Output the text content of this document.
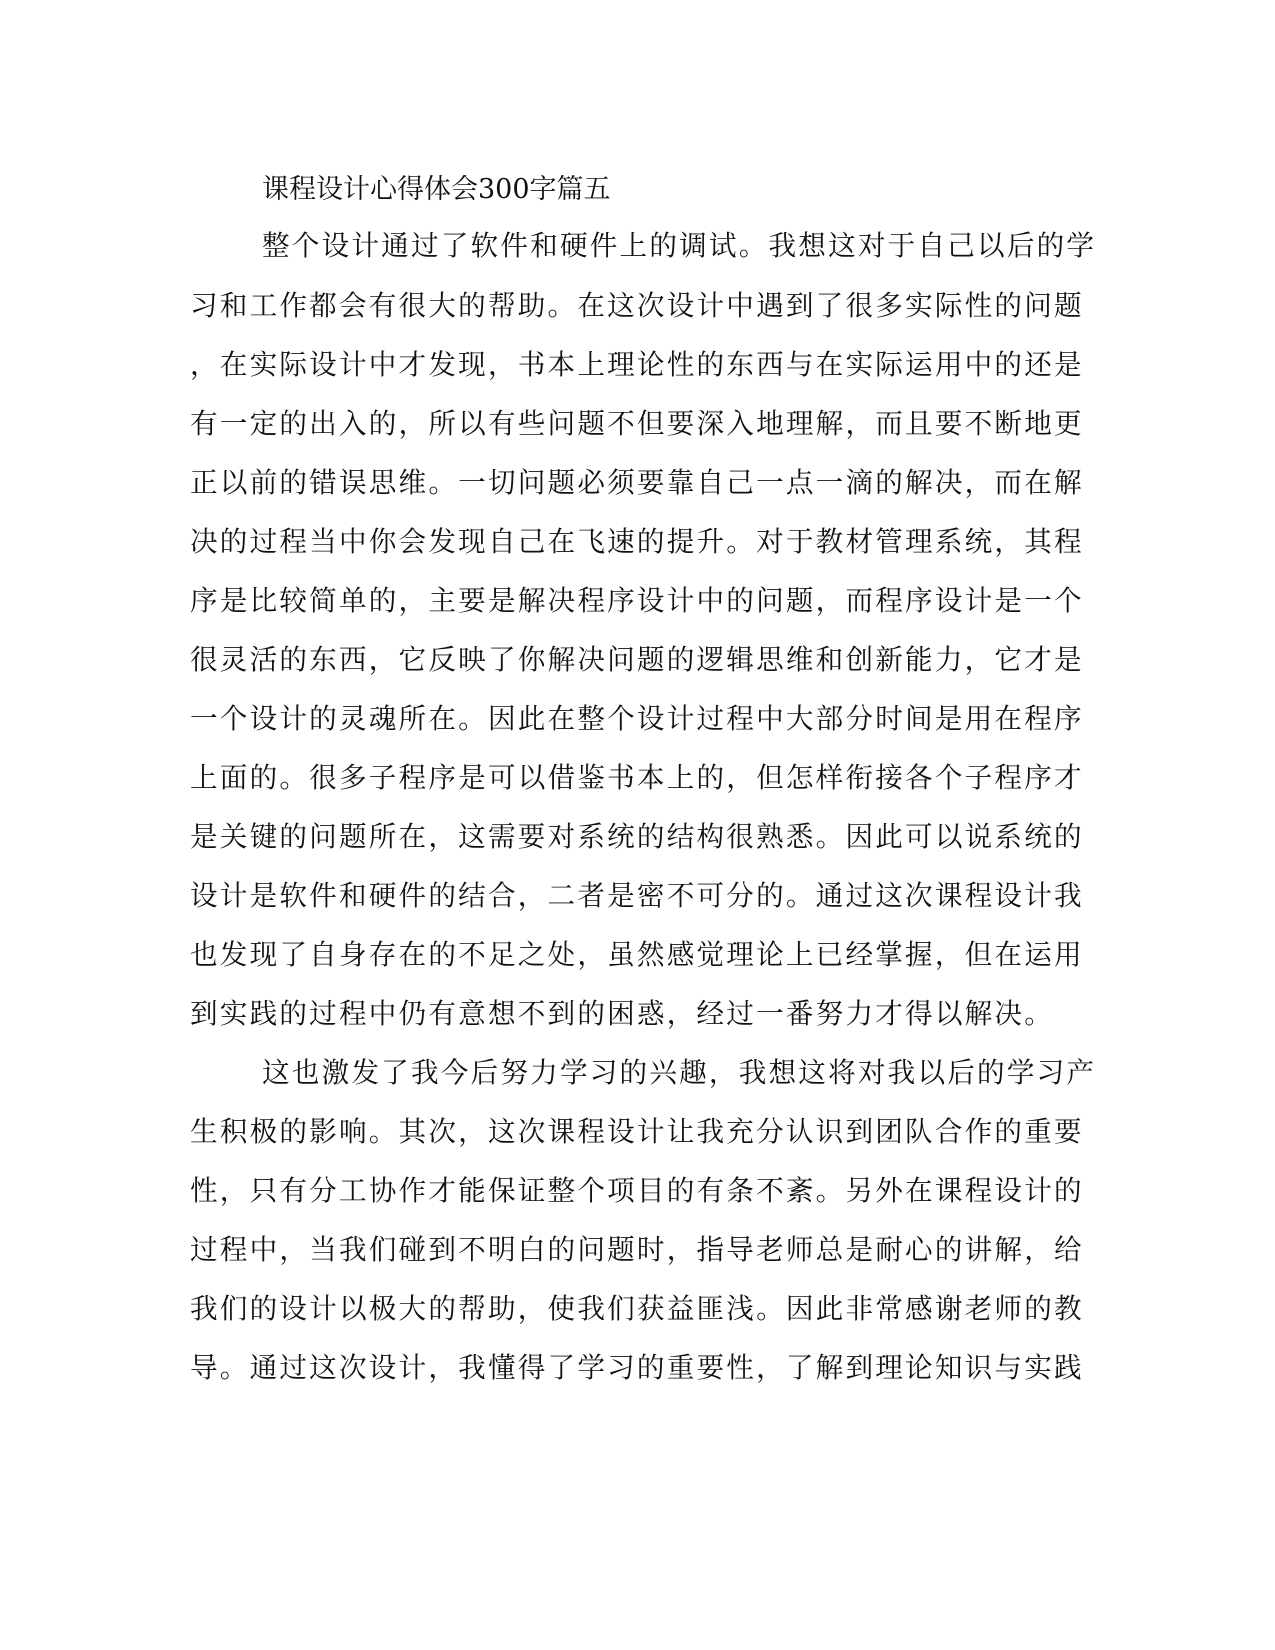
课程设计心得体会300字篇五

整个设计通过了软件和硬件上的调试。我想这对于自己以后的学

习和工作都会有很大的帮助。在这次设计中遇到了很多实际性的问题

，在实际设计中才发现，书本上理论性的东西与在实际运用中的还是

有一定的出入的，所以有些问题不但要深入地理解，而且要不断地更

正以前的错误思维。一切问题必须要靠自己一点一滴的解决，而在解

决的过程当中你会发现自己在飞速的提升。对于教材管理系统，其程

序是比较简单的，主要是解决程序设计中的问题，而程序设计是一个

很灵活的东西，它反映了你解决问题的逻辑思维和创新能力，它才是

一个设计的灵魂所在。因此在整个设计过程中大部分时间是用在程序

上面的。很多子程序是可以借鉴书本上的，但怎样衔接各个子程序才

是关键的问题所在，这需要对系统的结构很熟悉。因此可以说系统的

设计是软件和硬件的结合，二者是密不可分的。通过这次课程设计我

也发现了自身存在的不足之处，虽然感觉理论上已经掌握，但在运用

到实践的过程中仍有意想不到的困惑，经过一番努力才得以解决。

这也激发了我今后努力学习的兴趣，我想这将对我以后的学习产

生积极的影响。其次，这次课程设计让我充分认识到团队合作的重要

性，只有分工协作才能保证整个项目的有条不紊。另外在课程设计的

过程中，当我们碰到不明白的问题时，指导老师总是耐心的讲解，给

我们的设计以极大的帮助，使我们获益匪浅。因此非常感谢老师的教

导。通过这次设计，我懂得了学习的重要性，了解到理论知识与实践
